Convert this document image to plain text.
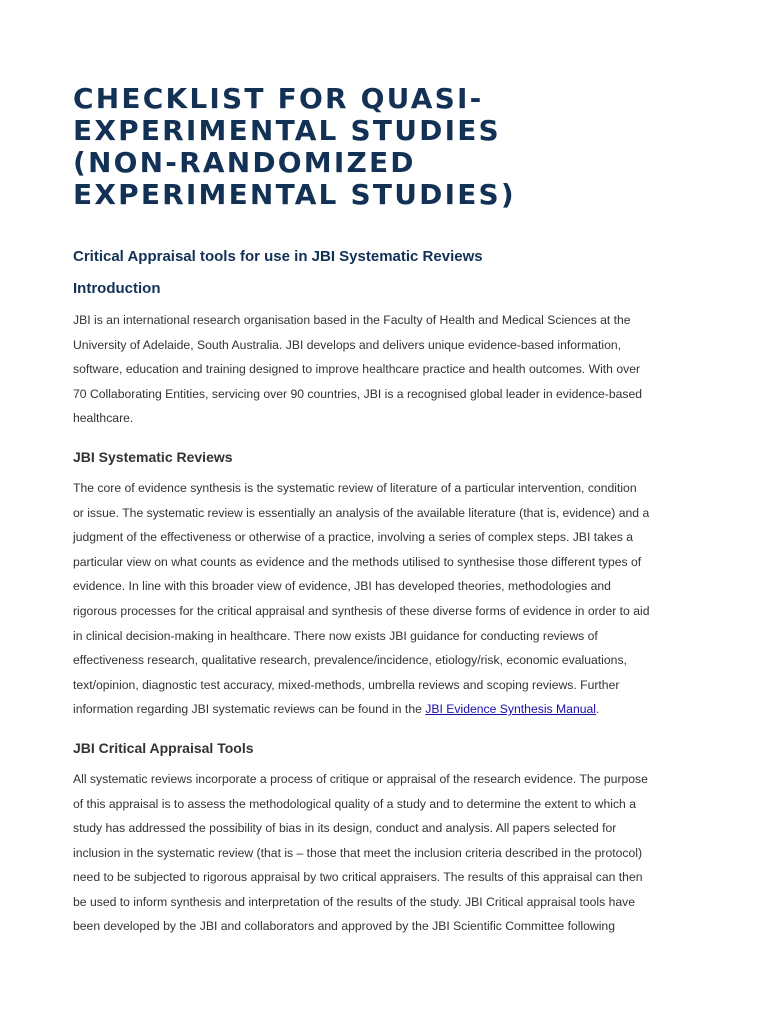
CHECKLIST FOR QUASI-
EXPERIMENTAL STUDIES
(NON-RANDOMIZED
EXPERIMENTAL STUDIES)
Critical Appraisal tools for use in JBI Systematic Reviews
Introduction

JBI is an international research organisation based in the Faculty of Health and Medical Sciences at the
University of Adelaide, South Australia. JBI develops and delivers unique evidence-based information,
software, education and training designed to improve healthcare practice and health outcomes. With over
70 Collaborating Entities, servicing over 90 countries, JBI is a recognised global leader in evidence-based
healthcare.

JBI Systematic Reviews

The core of evidence synthesis is the systematic review of literature of a particular intervention, condition
or issue. The systematic review is essentially an analysis of the available literature (that is, evidence) and a
judgment of the effectiveness or otherwise of a practice, involving a series of complex steps. JBI takes a
particular view on what counts as evidence and the methods utilised to synthesise those different types of
evidence. In line with this broader view of evidence, JBI has developed theories, methodologies and
rigorous processes for the critical appraisal and synthesis of these diverse forms of evidence in order to aid
in clinical decision-making in healthcare. There now exists JBI guidance for conducting reviews of
effectiveness research, qualitative research, prevalence/incidence, etiology/risk, economic evaluations,
text/opinion, diagnostic test accuracy, mixed-methods, umbrella reviews and scoping reviews. Further
information regarding JBI systematic reviews can be found in the JBI Evidence Synthesis Manual.

JBI Critical Appraisal Tools

All systematic reviews incorporate a process of critique or appraisal of the research evidence. The purpose
of this appraisal is to assess the methodological quality of a study and to determine the extent to which a
study has addressed the possibility of bias in its design, conduct and analysis. All papers selected for
inclusion in the systematic review (that is – those that meet the inclusion criteria described in the protocol)
need to be subjected to rigorous appraisal by two critical appraisers. The results of this appraisal can then
be used to inform synthesis and interpretation of the results of the study. JBI Critical appraisal tools have
been developed by the JBI and collaborators and approved by the JBI Scientific Committee following
